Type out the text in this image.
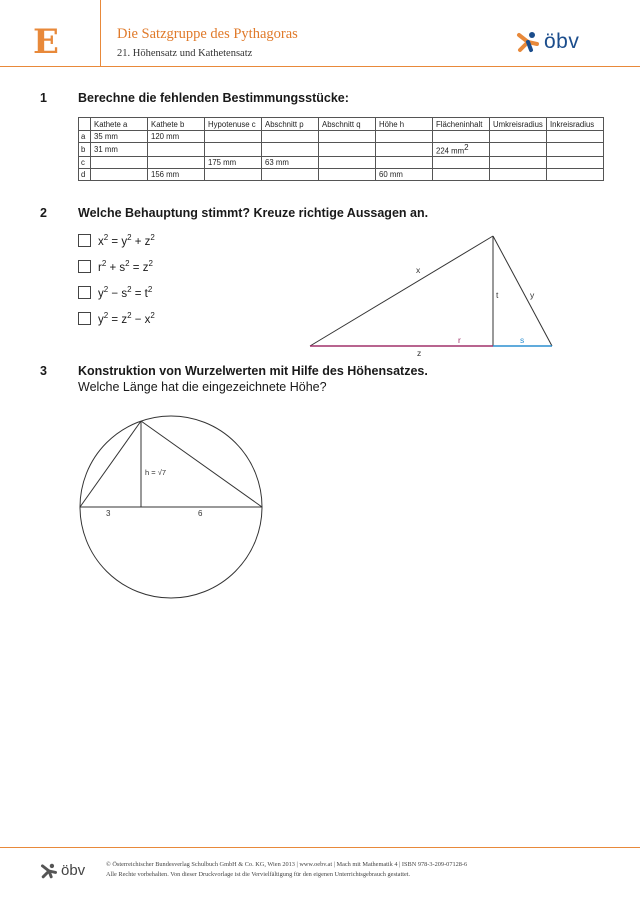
E	Die Satzgruppe des Pythagoras
21. Höhensatz und Kathetensatz
öbv
1 Berechne die fehlenden Bestimmungsstücke:
	Kathete a	Kathete b	Hypotenuse c	Abschnitt p	Abschnitt q	Höhe h	Flächeninhalt	Umkreisradius	Inkreisradius
a	35 mm	120 mm							
b	31 mm						224 $mm^2$		
c			175 mm	63 mm					
d		156 mm				60 mm			
2 Welche Behauptung stimmt? Kreuze richtige Aussagen an.
$x^2 = y^2 + z^2$
$r^2 + s^2 = z^2$
$y^2 - s^2 = t^2$
$y^2 = z^2 - x^2$
x
y
t
r	s
z
3 Konstruktion von Wurzelwerten mit Hilfe des Höhensatzes.
Welche Länge hat die eingezeichnete Höhe?
h = √7
3	6
öbv	© Österreichischer Bundesverlag Schulbuch GmbH & Co. KG, Wien 2013 | www.oebv.at | Mach mit Mathematik 4 | ISBN 978-3-209-07128-6
Alle Rechte vorbehalten. Von dieser Druckvorlage ist die Vervielfältigung für den eigenen Unterrichtsgebrauch gestattet.
